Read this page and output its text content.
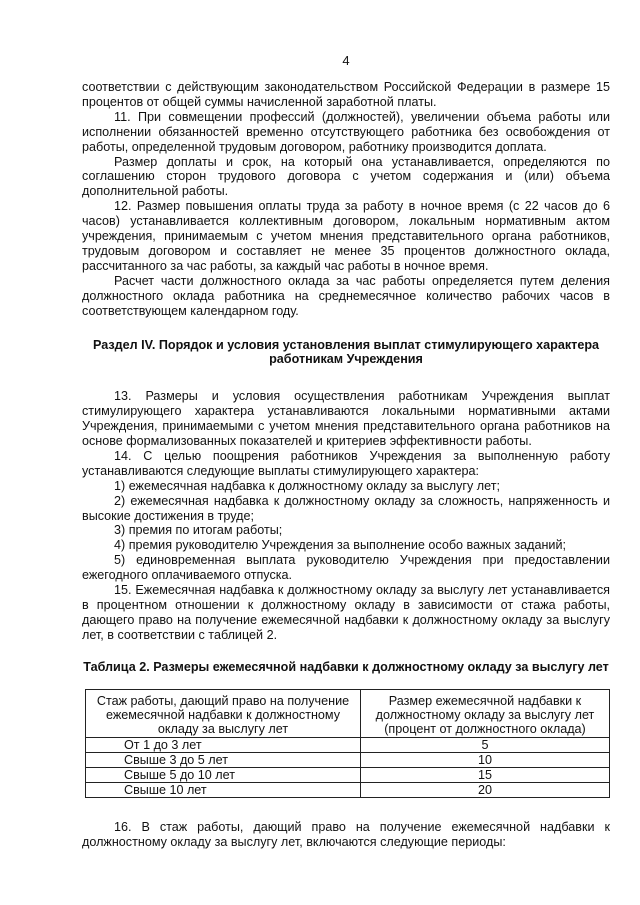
4

соответствии с действующим законодательством Российской Федерации в размере 15 процентов от общей суммы начисленной заработной платы.

11. При совмещении профессий (должностей), увеличении объема работы или исполнении обязанностей временно отсутствующего работника без освобождения от работы, определенной трудовым договором, работнику производится доплата.

Размер доплаты и срок, на который она устанавливается, определяются по соглашению сторон трудового договора с учетом содержания и (или) объема дополнительной работы.

12. Размер повышения оплаты труда за работу в ночное время (с 22 часов до 6 часов) устанавливается коллективным договором, локальным нормативным актом учреждения, принимаемым с учетом мнения представительного органа работников, трудовым договором и составляет не менее 35 процентов должностного оклада, рассчитанного за час работы, за каждый час работы в ночное время.

Расчет части должностного оклада за час работы определяется путем деления должностного оклада работника на среднемесячное количество рабочих часов в соответствующем календарном году.

Раздел IV. Порядок и условия установления выплат стимулирующего характера работникам Учреждения

13. Размеры и условия осуществления работникам Учреждения выплат стимулирующего характера устанавливаются локальными нормативными актами Учреждения, принимаемыми с учетом мнения представительного органа работников на основе формализованных показателей и критериев эффективности работы.

14. С целью поощрения работников Учреждения за выполненную работу устанавливаются следующие выплаты стимулирующего характера:

1) ежемесячная надбавка к должностному окладу за выслугу лет;

2) ежемесячная надбавка к должностному окладу за сложность, напряженность и высокие достижения в труде;

3) премия по итогам работы;

4) премия руководителю Учреждения за выполнение особо важных заданий;

5) единовременная выплата руководителю Учреждения при предоставлении ежегодного оплачиваемого отпуска.

15. Ежемесячная надбавка к должностному окладу за выслугу лет устанавливается в процентном отношении к должностному окладу в зависимости от стажа работы, дающего право на получение ежемесячной надбавки к должностному окладу за выслугу лет, в соответствии с таблицей 2.

Таблица 2. Размеры ежемесячной надбавки к должностному окладу за выслугу лет

Стаж работы, дающий право на получение ежемесячной надбавки к должностному окладу за выслугу лет	Размер ежемесячной надбавки к должностному окладу за выслугу лет (процент от должностного оклада)
От 1 до 3 лет	5
Свыше 3 до 5 лет	10
Свыше 5 до 10 лет	15
Свыше 10 лет	20

16. В стаж работы, дающий право на получение ежемесячной надбавки к должностному окладу за выслугу лет, включаются следующие периоды:
